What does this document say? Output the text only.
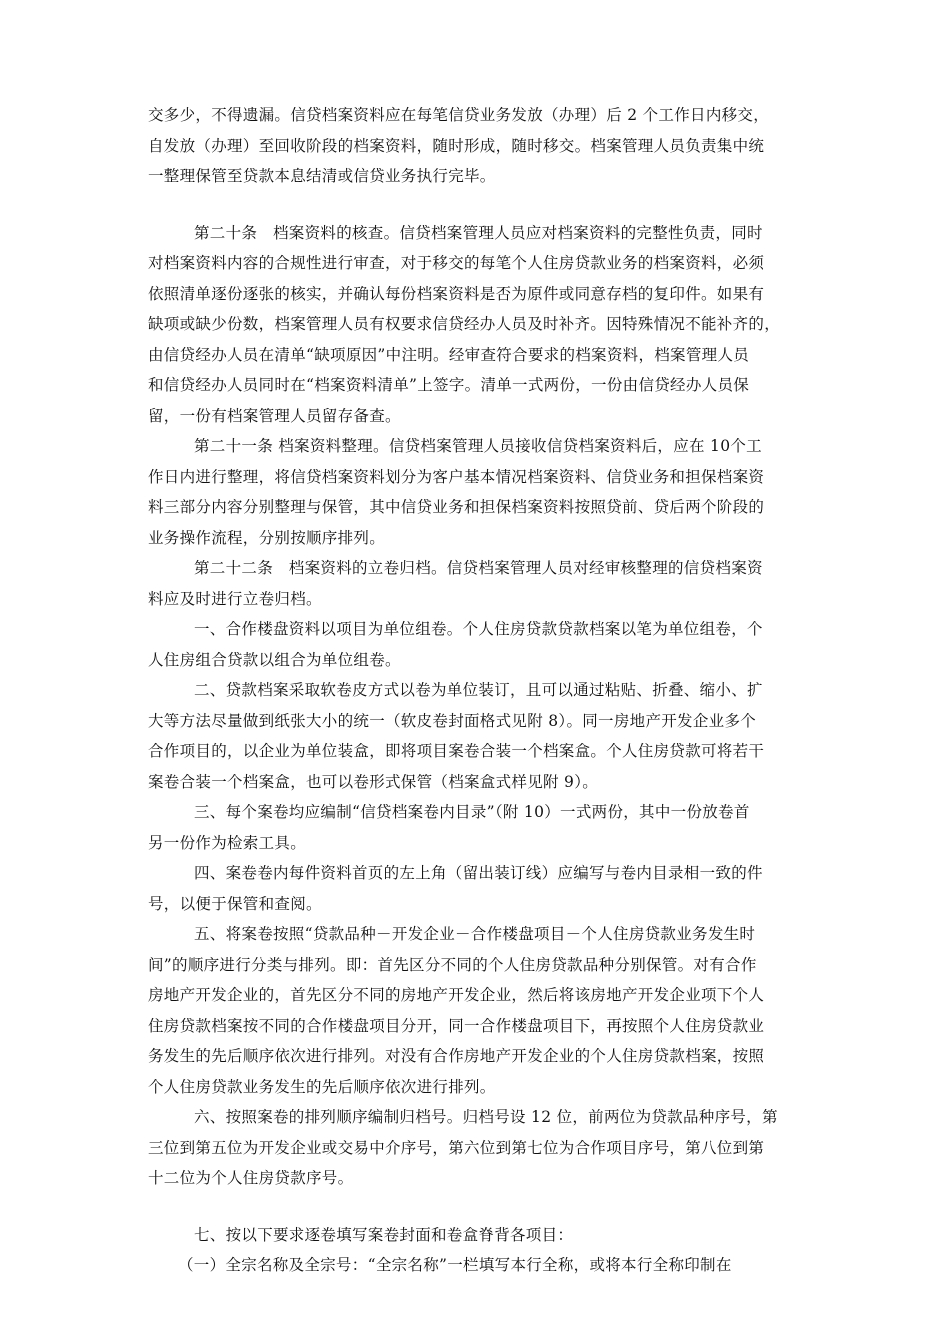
交多少，不得遗漏。信贷档案资料应在每笔信贷业务发放（办理）后 2 个工作日内移交，
自发放（办理）至回收阶段的档案资料，随时形成，随时移交。档案管理人员负责集中统
一整理保管至贷款本息结清或信贷业务执行完毕。
第二十条　档案资料的核查。信贷档案管理人员应对档案资料的完整性负责，同时
对档案资料内容的合规性进行审查，对于移交的每笔个人住房贷款业务的档案资料，必须
依照清单逐份逐张的核实，并确认每份档案资料是否为原件或同意存档的复印件。如果有
缺项或缺少份数，档案管理人员有权要求信贷经办人员及时补齐。因特殊情况不能补齐的，
由信贷经办人员在清单“缺项原因”中注明。经审查符合要求的档案资料，档案管理人员
和信贷经办人员同时在“档案资料清单”上签字。清单一式两份，一份由信贷经办人员保
留，一份有档案管理人员留存备查。
第二十一条 档案资料整理。信贷档案管理人员接收信贷档案资料后，应在 10个工
作日内进行整理，将信贷档案资料划分为客户基本情况档案资料、信贷业务和担保档案资
料三部分内容分别整理与保管，其中信贷业务和担保档案资料按照贷前、贷后两个阶段的
业务操作流程，分别按顺序排列。
第二十二条　档案资料的立卷归档。信贷档案管理人员对经审核整理的信贷档案资
料应及时进行立卷归档。
一、合作楼盘资料以项目为单位组卷。个人住房贷款贷款档案以笔为单位组卷，个
人住房组合贷款以组合为单位组卷。
二、贷款档案采取软卷皮方式以卷为单位装订，且可以通过粘贴、折叠、缩小、扩
大等方法尽量做到纸张大小的统一（软皮卷封面格式见附 8）。同一房地产开发企业多个
合作项目的，以企业为单位装盒，即将项目案卷合装一个档案盒。个人住房贷款可将若干
案卷合装一个档案盒，也可以卷形式保管（档案盒式样见附 9）。
三、每个案卷均应编制“信贷档案卷内目录”（附 10）一式两份，其中一份放卷首
另一份作为检索工具。
四、案卷卷内每件资料首页的左上角（留出装订线）应编写与卷内目录相一致的件
号，以便于保管和查阅。
五、将案卷按照“贷款品种－开发企业－合作楼盘项目－个人住房贷款业务发生时
间”的顺序进行分类与排列。即：首先区分不同的个人住房贷款品种分别保管。对有合作
房地产开发企业的，首先区分不同的房地产开发企业，然后将该房地产开发企业项下个人
住房贷款档案按不同的合作楼盘项目分开，同一合作楼盘项目下，再按照个人住房贷款业
务发生的先后顺序依次进行排列。对没有合作房地产开发企业的个人住房贷款档案，按照
个人住房贷款业务发生的先后顺序依次进行排列。
六、按照案卷的排列顺序编制归档号。归档号设 12 位，前两位为贷款品种序号，第
三位到第五位为开发企业或交易中介序号，第六位到第七位为合作项目序号，第八位到第
十二位为个人住房贷款序号。
七、按以下要求逐卷填写案卷封面和卷盒脊背各项目：
（一）全宗名称及全宗号：“全宗名称”一栏填写本行全称，或将本行全称印制在
